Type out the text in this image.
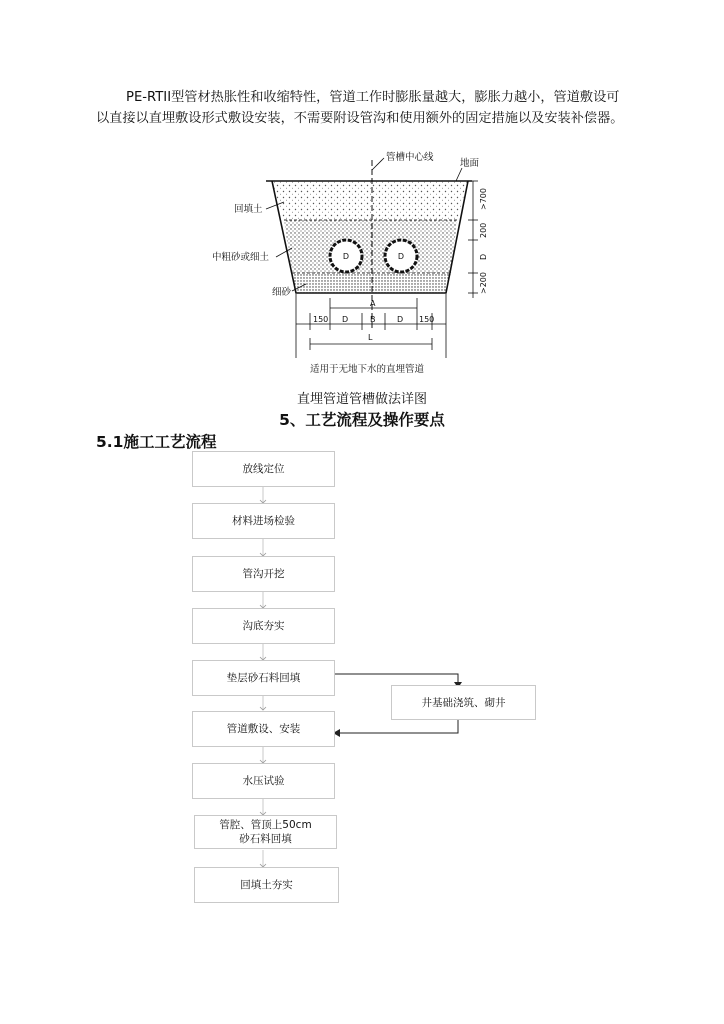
PE-RTII型管材热胀性和收缩特性，管道工作时膨胀量越大，膨胀力越小，管道敷设可以直接以直埋敷设形式敷设安装，不需要附设管沟和使用额外的固定措施以及安装补偿器。

D	D
管槽中心线
地面
回填土
中粗砂或细土
细砂
>700
200
D
>200
A
150 D	B	D 150
L
适用于无地下水的直埋管道
直埋管道管槽做法详图
5、工艺流程及操作要点
5.1施工工艺流程
放线定位
材料进场检验
管沟开挖
沟底夯实
垫层砂石料回填
井基础浇筑、砌井
管道敷设、安装
水压试验
管腔、管顶上50cm砂石料回填
回填土夯实
